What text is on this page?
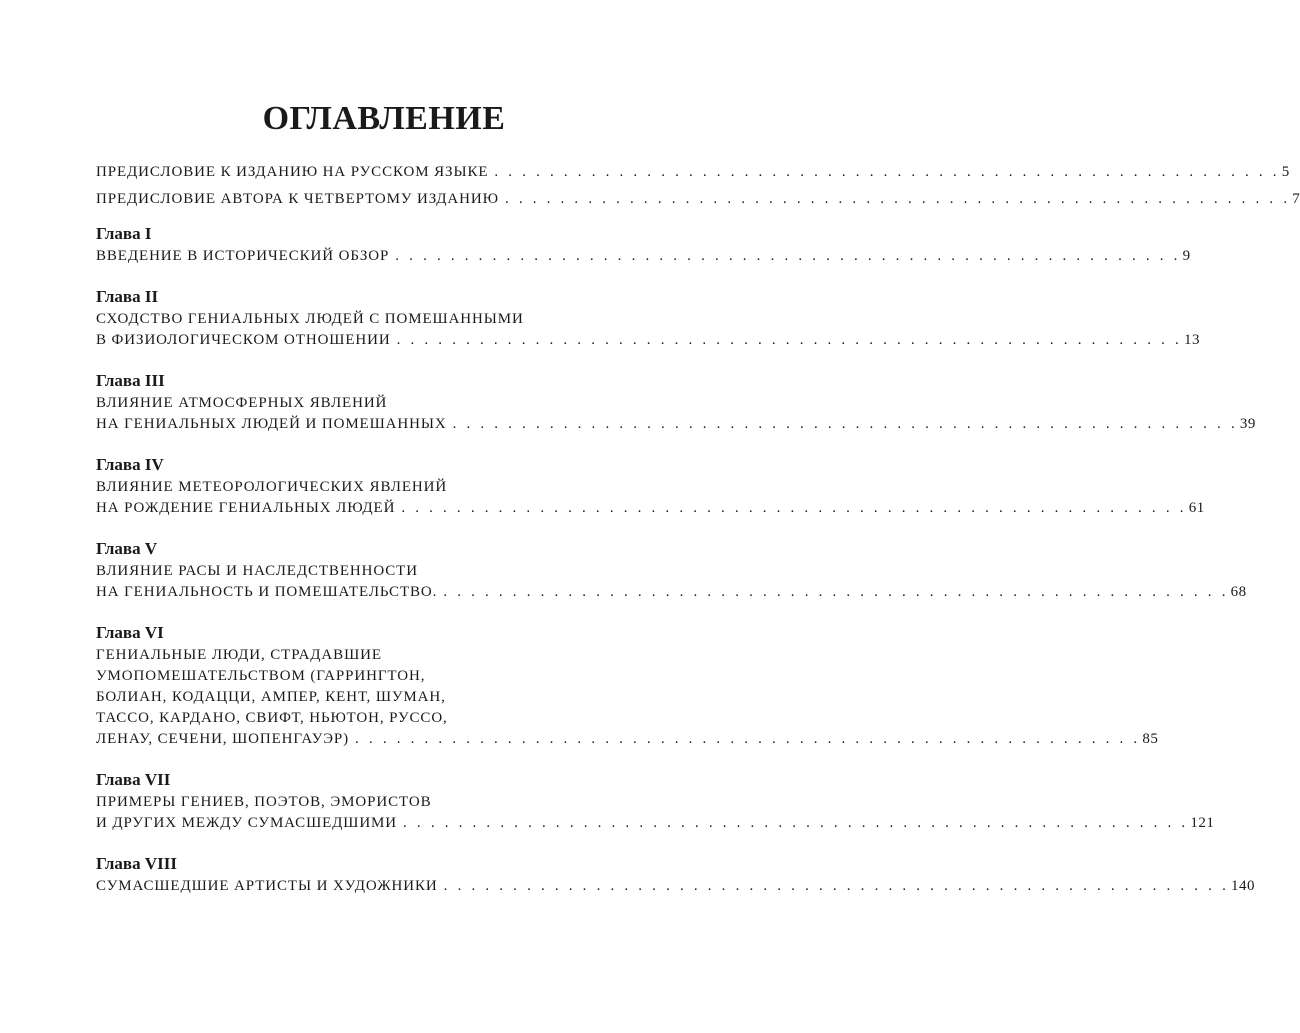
ОГЛАВЛЕНИЕ
ПРЕДИСЛОВИЕ К ИЗДАНИЮ НА РУССКОМ ЯЗЫКЕ . . . . . . . . . . . . . . . . . . . . . . . . . . . . . . . . . . . . . . . . . . . . . . . . . . . . . . . . . 5
ПРЕДИСЛОВИЕ АВТОРА К ЧЕТВЕРТОМУ ИЗДАНИЮ . . . . . . . . . . . . . . . . . . . . . . . . . . . . . . . . . . . . . . . . . . . . . . . . . . . . . . . . . 7
Глава I
ВВЕДЕНИЕ В ИСТОРИЧЕСКИЙ ОБЗОР . . . . . . . . . . . . . . . . . . . . . . . . . . . . . . . . . . . . . . . . . . . . . . . . . . . . . . . . . 9
Глава II
СХОДСТВО ГЕНИАЛЬНЫХ ЛЮДЕЙ С ПОМЕШАННЫМИ
В ФИЗИОЛОГИЧЕСКОМ ОТНОШЕНИИ . . . . . . . . . . . . . . . . . . . . . . . . . . . . . . . . . . . . . . . . . . . . . . . . . . . . . . . . . 13
Глава III
ВЛИЯНИЕ АТМОСФЕРНЫХ ЯВЛЕНИЙ
НА ГЕНИАЛЬНЫХ ЛЮДЕЙ И ПОМЕШАННЫХ . . . . . . . . . . . . . . . . . . . . . . . . . . . . . . . . . . . . . . . . . . . . . . . . . . . . . . . . . 39
Глава IV
ВЛИЯНИЕ МЕТЕОРОЛОГИЧЕСКИХ ЯВЛЕНИЙ
НА РОЖДЕНИЕ ГЕНИАЛЬНЫХ ЛЮДЕЙ . . . . . . . . . . . . . . . . . . . . . . . . . . . . . . . . . . . . . . . . . . . . . . . . . . . . . . . . . 61
Глава V
ВЛИЯНИЕ РАСЫ И НАСЛЕДСТВЕННОСТИ
НА ГЕНИАЛЬНОСТЬ И ПОМЕШАТЕЛЬСТВО. . . . . . . . . . . . . . . . . . . . . . . . . . . . . . . . . . . . . . . . . . . . . . . . . . . . . . . . . . 68
Глава VI
ГЕНИАЛЬНЫЕ ЛЮДИ, СТРАДАВШИЕ
УМОПОМЕШАТЕЛЬСТВОМ (ГАРРИНГТОН,
БОЛИАН, КОДАЦЦИ, АМПЕР, КЕНТ, ШУМАН,
ТАССО, КАРДАНО, СВИФТ, НЬЮТОН, РУССО,
ЛЕНАУ, СЕЧЕНИ, ШОПЕНГАУЭР) . . . . . . . . . . . . . . . . . . . . . . . . . . . . . . . . . . . . . . . . . . . . . . . . . . . . . . . . . 85
Глава VII
ПРИМЕРЫ ГЕНИЕВ, ПОЭТОВ, ЭМОРИСТОВ
И ДРУГИХ МЕЖДУ СУМАСШЕДШИМИ . . . . . . . . . . . . . . . . . . . . . . . . . . . . . . . . . . . . . . . . . . . . . . . . . . . . . . . . . 121
Глава VIII
СУМАСШЕДШИЕ АРТИСТЫ И ХУДОЖНИКИ . . . . . . . . . . . . . . . . . . . . . . . . . . . . . . . . . . . . . . . . . . . . . . . . . . . . . . . . . 140
